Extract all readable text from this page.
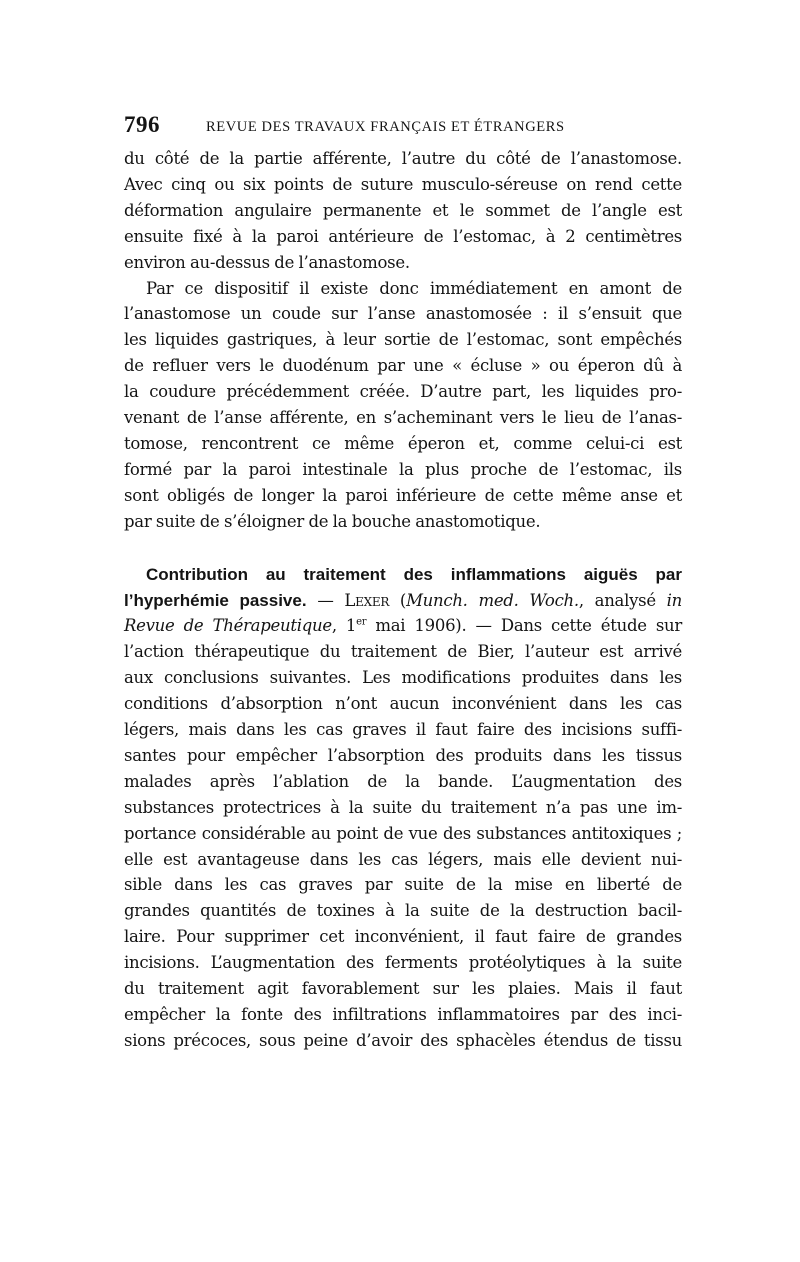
796	REVUE DES TRAVAUX FRANÇAIS ET ÉTRANGERS
du côté de la partie afférente, l’autre du côté de l’anastomose.
Avec cinq ou six points de suture musculo-séreuse on rend cette
déformation angulaire permanente et le sommet de l’angle est
ensuite fixé à la paroi antérieure de l’estomac, à 2 centimètres
environ au-dessus de l’anastomose.
Par ce dispositif il existe donc immédiatement en amont de
l’anastomose un coude sur l’anse anastomosée : il s’ensuit que
les liquides gastriques, à leur sortie de l’estomac, sont empêchés
de refluer vers le duodénum par une « écluse » ou éperon dû à
la coudure précédemment créée. D’autre part, les liquides pro-
venant de l’anse afférente, en s’acheminant vers le lieu de l’anas-
tomose, rencontrent ce même éperon et, comme celui-ci est
formé par la paroi intestinale la plus proche de l’estomac, ils
sont obligés de longer la paroi inférieure de cette même anse et
par suite de s’éloigner de la bouche anastomotique.
Contribution au traitement des inflammations aiguës par
l’hyperhémie passive. — Lexer (Munch. med. Woch., analysé in
Revue de Thérapeutique, 1er mai 1906). — Dans cette étude sur
l’action thérapeutique du traitement de Bier, l’auteur est arrivé
aux conclusions suivantes. Les modifications produites dans les
conditions d’absorption n’ont aucun inconvénient dans les cas
légers, mais dans les cas graves il faut faire des incisions suffi-
santes pour empêcher l’absorption des produits dans les tissus
malades après l’ablation de la bande. L’augmentation des
substances protectrices à la suite du traitement n’a pas une im-
portance considérable au point de vue des substances antitoxiques ;
elle est avantageuse dans les cas légers, mais elle devient nui-
sible dans les cas graves par suite de la mise en liberté de
grandes quantités de toxines à la suite de la destruction bacil-
laire. Pour supprimer cet inconvénient, il faut faire de grandes
incisions. L’augmentation des ferments protéolytiques à la suite
du traitement agit favorablement sur les plaies. Mais il faut
empêcher la fonte des infiltrations inflammatoires par des inci-
sions précoces, sous peine d’avoir des sphacèles étendus de tissu
